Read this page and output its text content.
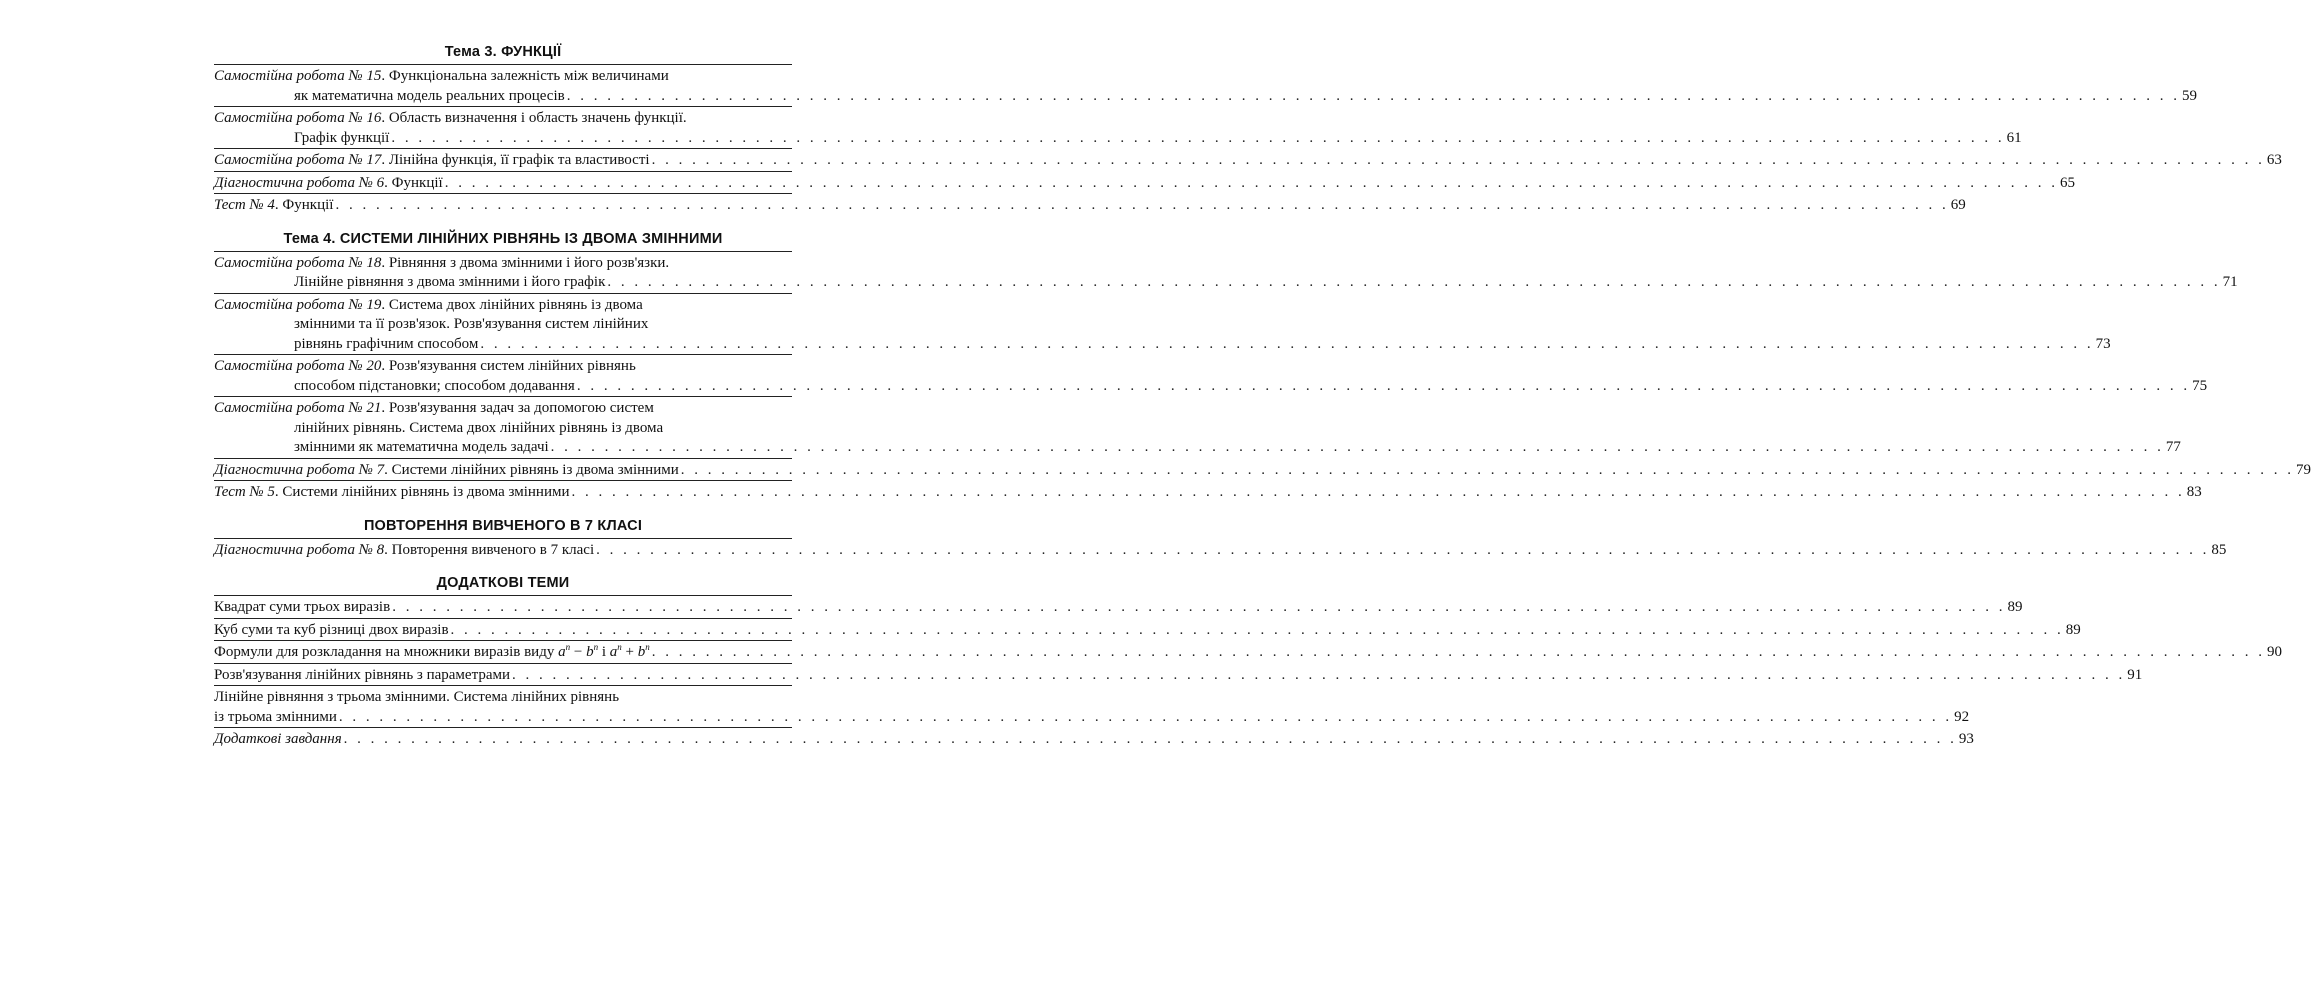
Тема 3. ФУНКЦІЇ
Самостійна робота № 15. Функціональна залежність між величинами
як математична модель реальних процесів . . . . . . . . . . . . . . . . . . . . . . . . . . . . . . . . . . . . . . . . . . . . . . . . . . . . . . . . . . . . . . . . . . . . . . . . . . . . . . . . . . . . . . . . . . . . . . . . . . . . . . . . . . . . . . . . . . . . . . . . 59
Самостійна робота № 16. Область визначення і область значень функції.
Графік функції . . . . . . . . . . . . . . . . . . . . . . . . . . . . . . . . . . . . . . . . . . . . . . . . . . . . . . . . . . . . . . . . . . . . . . . . . . . . . . . . . . . . . . . . . . . . . . . . . . . . . . . . . . . . . . . . . . . . . . . . 61
Самостійна робота № 17. Лінійна функція, її графік та властивості . . . . . . . . . . . . . . . . . . . . . . . . . . . . . . . . . . . . . . . . . . . . . . . . . . . . . . . . . . . . . . . . . . . . . . . . . . . . . . . . . . . . . . . . . . . . . . . . . . . . . . . . . . . . . . . . . . . . . . . . 63
Діагностична робота № 6. Функції . . . . . . . . . . . . . . . . . . . . . . . . . . . . . . . . . . . . . . . . . . . . . . . . . . . . . . . . . . . . . . . . . . . . . . . . . . . . . . . . . . . . . . . . . . . . . . . . . . . . . . . . . . . . . . . . . . . . . . . . 65
Тест № 4. Функції . . . . . . . . . . . . . . . . . . . . . . . . . . . . . . . . . . . . . . . . . . . . . . . . . . . . . . . . . . . . . . . . . . . . . . . . . . . . . . . . . . . . . . . . . . . . . . . . . . . . . . . . . . . . . . . . . . . . . . . . 69
Тема 4. СИСТЕМИ ЛІНІЙНИХ РІВНЯНЬ ІЗ ДВОМА ЗМІННИМИ
Самостійна робота № 18. Рівняння з двома змінними і його розв'язки.
Лінійне рівняння з двома змінними і його графік . . . . . . . . . . . . . . . . . . . . . . . . . . . . . . . . . . . . . . . . . . . . . . . . . . . . . . . . . . . . . . . . . . . . . . . . . . . . . . . . . . . . . . . . . . . . . . . . . . . . . . . . . . . . . . . . . . . . . . . . 71
Самостійна робота № 19. Система двох лінійних рівнянь із двома
змінними та її розв'язок. Розв'язування систем лінійних
рівнянь графічним способом . . . . . . . . . . . . . . . . . . . . . . . . . . . . . . . . . . . . . . . . . . . . . . . . . . . . . . . . . . . . . . . . . . . . . . . . . . . . . . . . . . . . . . . . . . . . . . . . . . . . . . . . . . . . . . . . . . . . . . . . 73
Самостійна робота № 20. Розв'язування систем лінійних рівнянь
способом підстановки; способом додавання . . . . . . . . . . . . . . . . . . . . . . . . . . . . . . . . . . . . . . . . . . . . . . . . . . . . . . . . . . . . . . . . . . . . . . . . . . . . . . . . . . . . . . . . . . . . . . . . . . . . . . . . . . . . . . . . . . . . . . . . 75
Самостійна робота № 21. Розв'язування задач за допомогою систем
лінійних рівнянь. Система двох лінійних рівнянь із двома
змінними як математична модель задачі . . . . . . . . . . . . . . . . . . . . . . . . . . . . . . . . . . . . . . . . . . . . . . . . . . . . . . . . . . . . . . . . . . . . . . . . . . . . . . . . . . . . . . . . . . . . . . . . . . . . . . . . . . . . . . . . . . . . . . . . 77
Діагностична робота № 7. Системи лінійних рівнянь із двома змінними . . . . . . . . . . . . . . . . . . . . . . . . . . . . . . . . . . . . . . . . . . . . . . . . . . . . . . . . . . . . . . . . . . . . . . . . . . . . . . . . . . . . . . . . . . . . . . . . . . . . . . . . . . . . . . . . . . . . . . . . 79
Тест № 5. Системи лінійних рівнянь із двома змінними . . . . . . . . . . . . . . . . . . . . . . . . . . . . . . . . . . . . . . . . . . . . . . . . . . . . . . . . . . . . . . . . . . . . . . . . . . . . . . . . . . . . . . . . . . . . . . . . . . . . . . . . . . . . . . . . . . . . . . . . 83
ПОВТОРЕННЯ ВИВЧЕНОГО В 7 КЛАСІ
Діагностична робота № 8. Повторення вивченого в 7 класі . . . . . . . . . . . . . . . . . . . . . . . . . . . . . . . . . . . . . . . . . . . . . . . . . . . . . . . . . . . . . . . . . . . . . . . . . . . . . . . . . . . . . . . . . . . . . . . . . . . . . . . . . . . . . . . . . . . . . . . . 85
ДОДАТКОВІ ТЕМИ
Квадрат суми трьох виразів . . . . . . . . . . . . . . . . . . . . . . . . . . . . . . . . . . . . . . . . . . . . . . . . . . . . . . . . . . . . . . . . . . . . . . . . . . . . . . . . . . . . . . . . . . . . . . . . . . . . . . . . . . . . . . . . . . . . . . . . 89
Куб суми та куб різниці двох виразів . . . . . . . . . . . . . . . . . . . . . . . . . . . . . . . . . . . . . . . . . . . . . . . . . . . . . . . . . . . . . . . . . . . . . . . . . . . . . . . . . . . . . . . . . . . . . . . . . . . . . . . . . . . . . . . . . . . . . . . . 89
Формули для розкладання на множники виразів виду $a^n - b^n$ і $a^n + b^n$ . . . . . . . . . . . . . . . . . . . . . . . . . . . . . . . . . . . . . . . . . . . . . . . . . . . . . . . . . . . . . . . . . . . . . . . . . . . . . . . . . . . . . . . . . . . . . . . . . . . . . . . . . . . . . . . . . . . . . . . . 90
Розв'язування лінійних рівнянь з параметрами . . . . . . . . . . . . . . . . . . . . . . . . . . . . . . . . . . . . . . . . . . . . . . . . . . . . . . . . . . . . . . . . . . . . . . . . . . . . . . . . . . . . . . . . . . . . . . . . . . . . . . . . . . . . . . . . . . . . . . . . 91
Лінійне рівняння з трьома змінними. Система лінійних рівнянь
із трьома змінними . . . . . . . . . . . . . . . . . . . . . . . . . . . . . . . . . . . . . . . . . . . . . . . . . . . . . . . . . . . . . . . . . . . . . . . . . . . . . . . . . . . . . . . . . . . . . . . . . . . . . . . . . . . . . . . . . . . . . . . . 92
Додаткові завдання . . . . . . . . . . . . . . . . . . . . . . . . . . . . . . . . . . . . . . . . . . . . . . . . . . . . . . . . . . . . . . . . . . . . . . . . . . . . . . . . . . . . . . . . . . . . . . . . . . . . . . . . . . . . . . . . . . . . . . . . 93
